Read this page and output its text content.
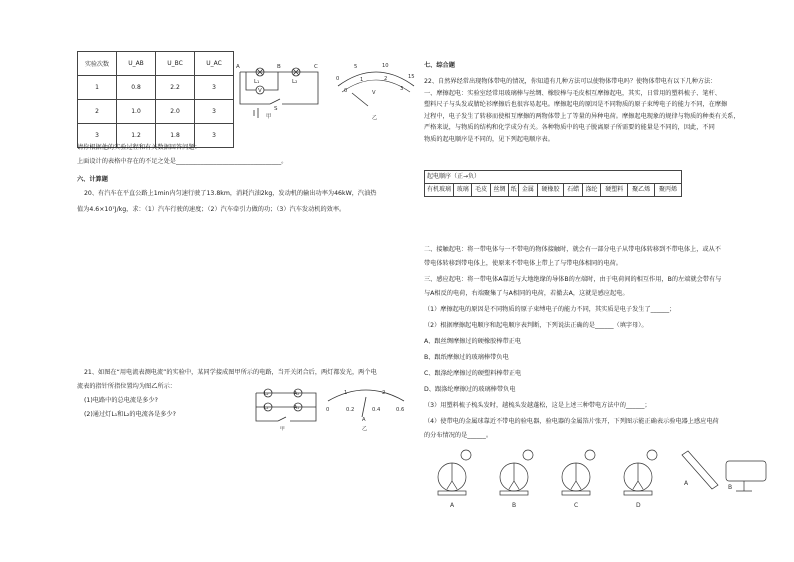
实验次数	U_AB	U_BC	U_AC
1	0.8	2.2	3
2	1.0	2.0	3
3	1.2	1.8	3
A	B	C
L₁	L₂
V
S
甲
0
5	10
15
0
1	2
3
V
乙
请你根据他的实验过程和有关数据回答问题：
上面设计的表格中存在的不足之处是__________________________________。
六、计算题
20、有汽车在平直公路上1min内匀速行驶了13.8km，消耗汽油2kg，发动机的输出功率为46kW，汽油热
值为4.6×10⁷J/kg，求：（1）汽车行驶的速度；（2）汽车牵引力做的功；（3）汽车发动机的效率。
21、如图在“用电流表测电流”的实验中，某同学接成图甲所示的电路，当开关闭合后，两灯都发光，两个电
流表的指针所指位置均为图乙所示：
(1)电路中的总电流是多少?
(2)通过灯L₁和L₂的电流各是多少?
A₂
A₁
L₂
L₁
甲
1	2
0	0.2	0.4	0.6
A
乙
七、综合题
22、自然界经常出现物体带电的情况，你知道有几种方法可以使物体带电吗？使物体带电有以下几种方法：
一、摩擦起电：实验室经常用玻璃棒与丝绸、橡胶棒与毛皮相互摩擦起电，其实，日常用的塑料梳子、笔杆、
塑料尺子与头发或腈纶衫摩擦后也很容易起电。摩擦起电的原因是不同物质的原子束缚电子的能力不同，在摩擦
过程中，电子发生了转移而使相互摩擦的两物体带上了等量的异种电荷。摩擦起电现象的规律与物质的种类有关系，
严格来说，与物质的结构和化学成分有关。各种物质中的电子脱离原子所需要的能量是不同的，因此，不同
物质的起电顺序是不同的，见下列起电顺序表。
起电顺序（正→负）
有机玻璃	玻璃	毛皮	丝绸	纸	金属	硬橡胶	石蜡	涤纶	硬塑料	聚乙烯	聚丙烯
二、接触起电：将一带电体与一不带电的物体接触时，就会有一部分电子从带电体转移到不带电体上，或从不
带电体转移到带电体上，使原来不带电体上带上了与带电体相同的电荷。
三、感应起电：将一带电体A靠近与大地绝缘的导体B的左端时，由于电荷间的相互作用，B的左端就会带有与
与A相反的电荷，右端聚集了与A相同的电荷，若撤去A，这就是感应起电。
（1）摩擦起电的原因是不同物质的原子束缚电子的能力不同，其实质是电子发生了______；
（2）根据摩擦起电顺序和起电顺序表判断，下列说法正确的是______（填字母）。
A、跟丝绸摩擦过的硬橡胶棒带正电
B、跟纸摩擦过的玻璃棒带负电
C、跟涤纶摩擦过的硬塑料棒带正电
D、跟涤纶摩擦过的玻璃棒带负电
（3）用塑料梳子梳头发时，越梳头发越蓬松，这是上述三种带电方法中的______；
（4）使带电的金属球靠近不带电的验电器，验电器的金属箔片张开，下列图示能正确表示验电器上感应电荷
的分布情况的是______。
A	B	C	D
A
B
